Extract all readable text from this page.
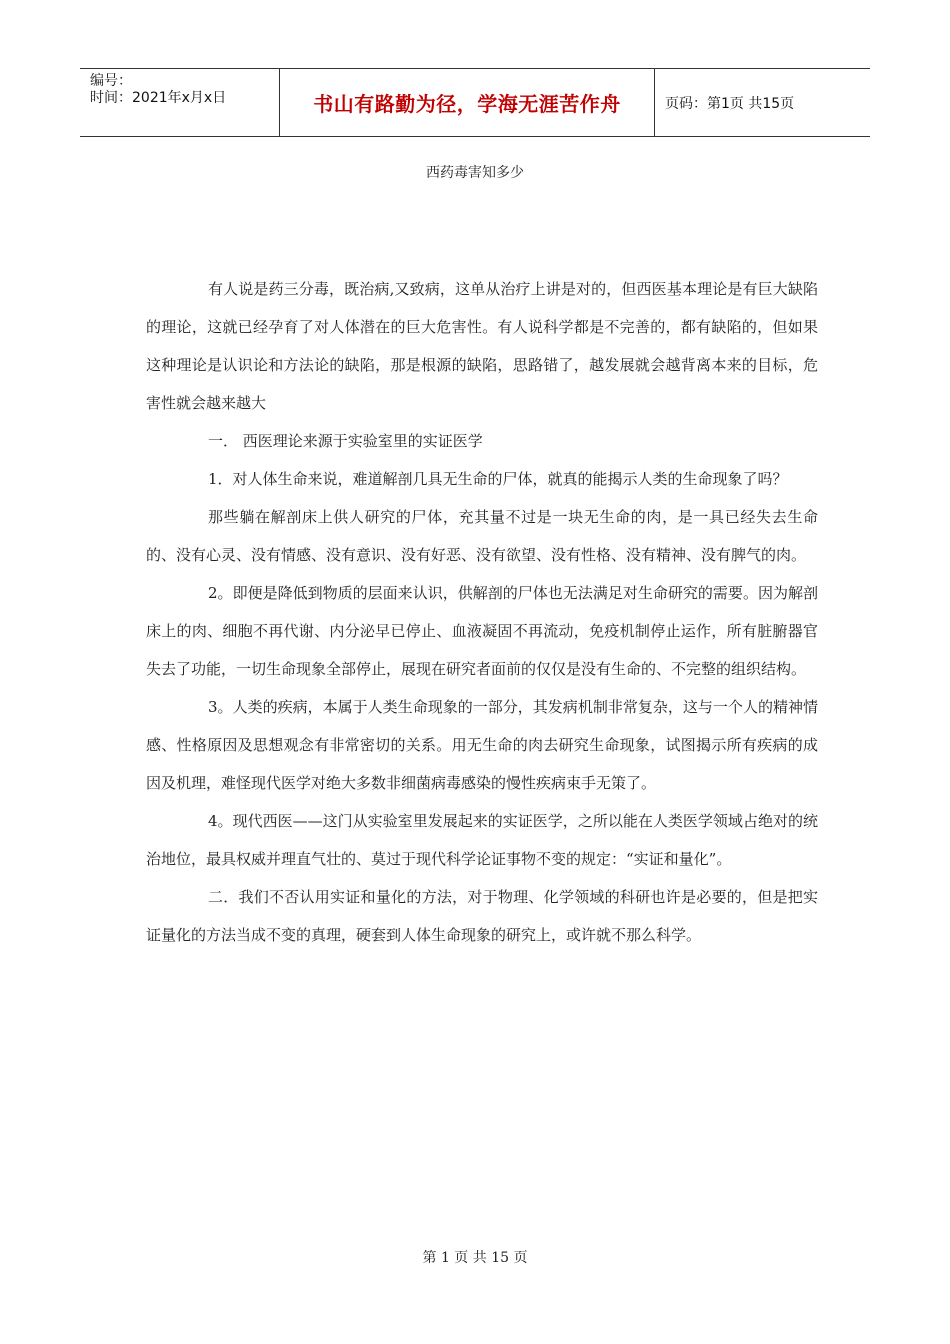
编号：
时间：2021年x月x日	书山有路勤为径，学海无涯苦作舟	页码：第1页 共15页
西药毒害知多少

有人说是药三分毒，既治病,又致病，这单从治疗上讲是对的，但西医基本理论是有巨大缺陷的理论，这就已经孕育了对人体潜在的巨大危害性。有人说科学都是不完善的，都有缺陷的，但如果这种理论是认识论和方法论的缺陷，那是根源的缺陷，思路错了，越发展就会越背离本来的目标，危害性就会越来越大

一． 西医理论来源于实验室里的实证医学

1．对人体生命来说，难道解剖几具无生命的尸体，就真的能揭示人类的生命现象了吗？

那些躺在解剖床上供人研究的尸体，充其量不过是一块无生命的肉，是一具已经失去生命的、没有心灵、没有情感、没有意识、没有好恶、没有欲望、没有性格、没有精神、没有脾气的肉。

2。即便是降低到物质的层面来认识，供解剖的尸体也无法满足对生命研究的需要。因为解剖床上的肉、细胞不再代谢、内分泌早已停止、血液凝固不再流动，免疫机制停止运作，所有脏腑器官失去了功能，一切生命现象全部停止，展现在研究者面前的仅仅是没有生命的、不完整的组织结构。

3。人类的疾病，本属于人类生命现象的一部分，其发病机制非常复杂，这与一个人的精神情感、性格原因及思想观念有非常密切的关系。用无生命的肉去研究生命现象，试图揭示所有疾病的成因及机理，难怪现代医学对绝大多数非细菌病毒感染的慢性疾病束手无策了。

4。现代西医——这门从实验室里发展起来的实证医学，之所以能在人类医学领域占绝对的统治地位，最具权威并理直气壮的、莫过于现代科学论证事物不变的规定：“实证和量化”。

二．我们不否认用实证和量化的方法，对于物理、化学领域的科研也许是必要的，但是把实证量化的方法当成不变的真理，硬套到人体生命现象的研究上，或许就不那么科学。

第 1 页 共 15 页
